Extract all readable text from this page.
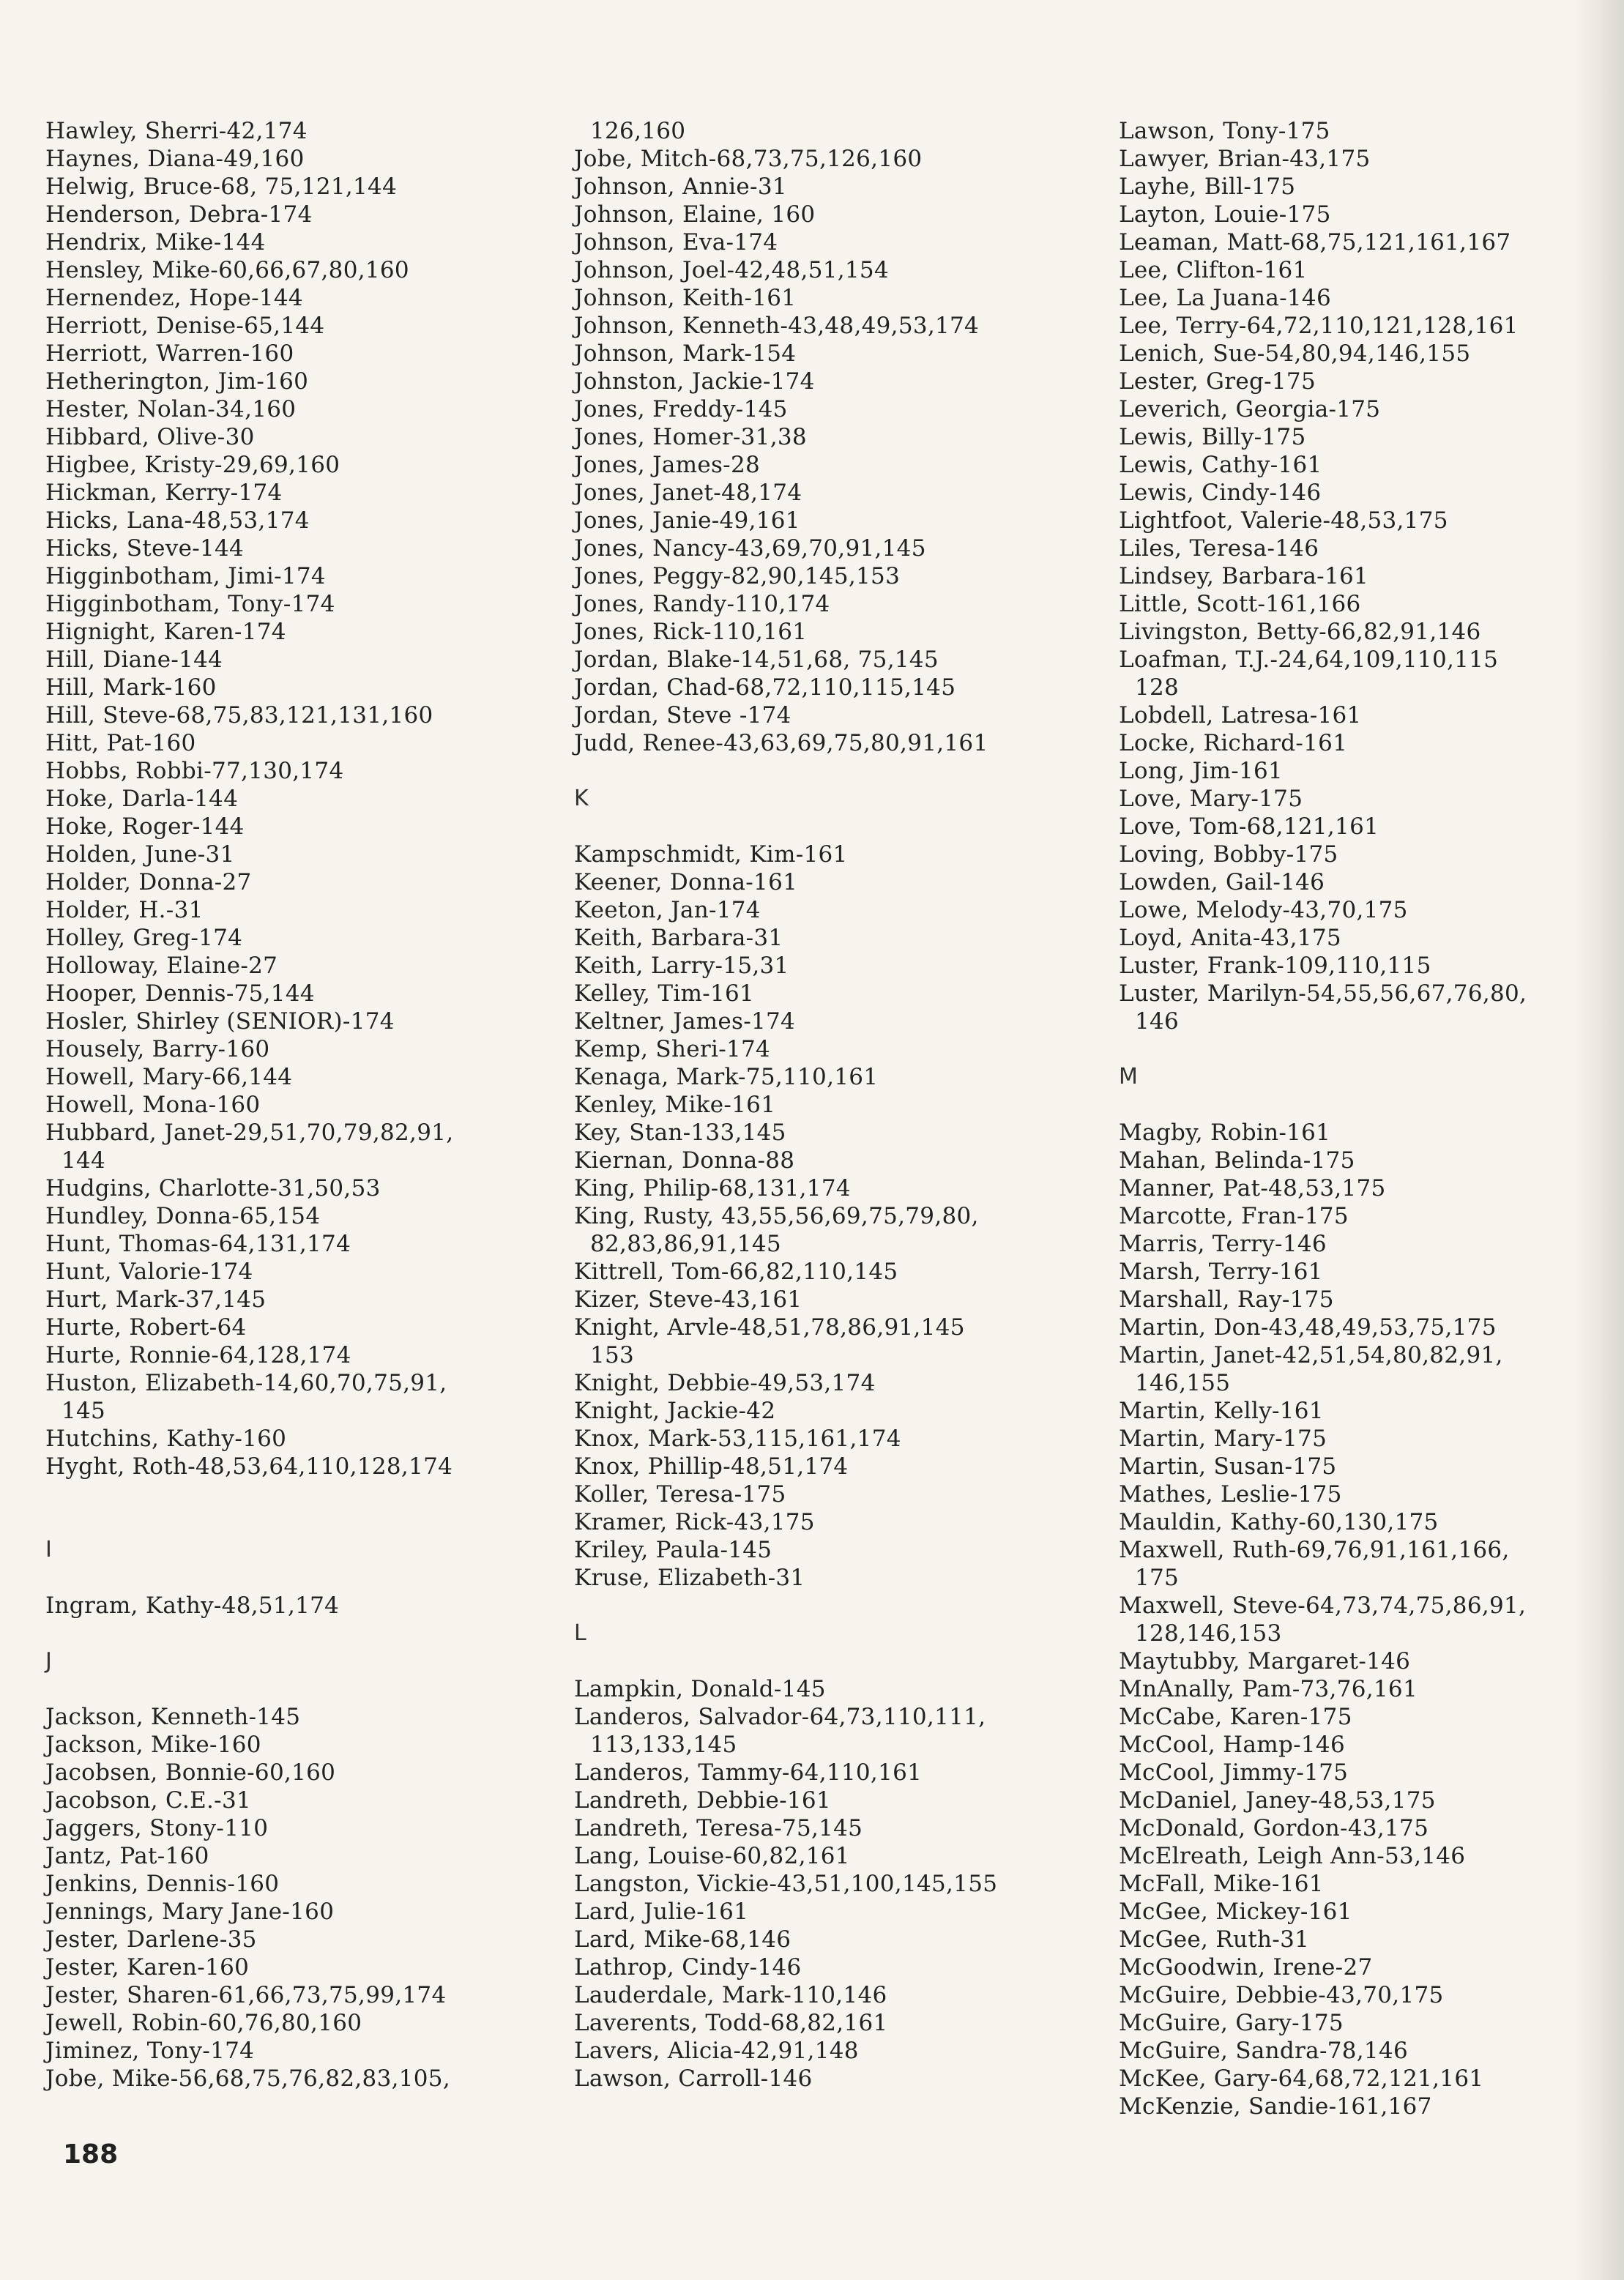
Hawley, Sherri-42,174
Haynes, Diana-49,160
Helwig, Bruce-68, 75,121,144
Henderson, Debra-174
Hendrix, Mike-144
Hensley, Mike-60,66,67,80,160
Hernendez, Hope-144
Herriott, Denise-65,144
Herriott, Warren-160
Hetherington, Jim-160
Hester, Nolan-34,160
Hibbard, Olive-30
Higbee, Kristy-29,69,160
Hickman, Kerry-174
Hicks, Lana-48,53,174
Hicks, Steve-144
Higginbotham, Jimi-174
Higginbotham, Tony-174
Hignight, Karen-174
Hill, Diane-144
Hill, Mark-160
Hill, Steve-68,75,83,121,131,160
Hitt, Pat-160
Hobbs, Robbi-77,130,174
Hoke, Darla-144
Hoke, Roger-144
Holden, June-31
Holder, Donna-27
Holder, H.-31
Holley, Greg-174
Holloway, Elaine-27
Hooper, Dennis-75,144
Hosler, Shirley (SENIOR)-174
Housely, Barry-160
Howell, Mary-66,144
Howell, Mona-160
Hubbard, Janet-29,51,70,79,82,91,
144
Hudgins, Charlotte-31,50,53
Hundley, Donna-65,154
Hunt, Thomas-64,131,174
Hunt, Valorie-174
Hurt, Mark-37,145
Hurte, Robert-64
Hurte, Ronnie-64,128,174
Huston, Elizabeth-14,60,70,75,91,
145
Hutchins, Kathy-160
Hyght, Roth-48,53,64,110,128,174
I
Ingram, Kathy-48,51,174
J
Jackson, Kenneth-145
Jackson, Mike-160
Jacobsen, Bonnie-60,160
Jacobson, C.E.-31
Jaggers, Stony-110
Jantz, Pat-160
Jenkins, Dennis-160
Jennings, Mary Jane-160
Jester, Darlene-35
Jester, Karen-160
Jester, Sharen-61,66,73,75,99,174
Jewell, Robin-60,76,80,160
Jiminez, Tony-174
Jobe, Mike-56,68,75,76,82,83,105,
126,160
Jobe, Mitch-68,73,75,126,160
Johnson, Annie-31
Johnson, Elaine, 160
Johnson, Eva-174
Johnson, Joel-42,48,51,154
Johnson, Keith-161
Johnson, Kenneth-43,48,49,53,174
Johnson, Mark-154
Johnston, Jackie-174
Jones, Freddy-145
Jones, Homer-31,38
Jones, James-28
Jones, Janet-48,174
Jones, Janie-49,161
Jones, Nancy-43,69,70,91,145
Jones, Peggy-82,90,145,153
Jones, Randy-110,174
Jones, Rick-110,161
Jordan, Blake-14,51,68, 75,145
Jordan, Chad-68,72,110,115,145
Jordan, Steve -174
Judd, Renee-43,63,69,75,80,91,161
K
Kampschmidt, Kim-161
Keener, Donna-161
Keeton, Jan-174
Keith, Barbara-31
Keith, Larry-15,31
Kelley, Tim-161
Keltner, James-174
Kemp, Sheri-174
Kenaga, Mark-75,110,161
Kenley, Mike-161
Key, Stan-133,145
Kiernan, Donna-88
King, Philip-68,131,174
King, Rusty, 43,55,56,69,75,79,80,
82,83,86,91,145
Kittrell, Tom-66,82,110,145
Kizer, Steve-43,161
Knight, Arvle-48,51,78,86,91,145
153
Knight, Debbie-49,53,174
Knight, Jackie-42
Knox, Mark-53,115,161,174
Knox, Phillip-48,51,174
Koller, Teresa-175
Kramer, Rick-43,175
Kriley, Paula-145
Kruse, Elizabeth-31
L
Lampkin, Donald-145
Landeros, Salvador-64,73,110,111,
113,133,145
Landeros, Tammy-64,110,161
Landreth, Debbie-161
Landreth, Teresa-75,145
Lang, Louise-60,82,161
Langston, Vickie-43,51,100,145,155
Lard, Julie-161
Lard, Mike-68,146
Lathrop, Cindy-146
Lauderdale, Mark-110,146
Laverents, Todd-68,82,161
Lavers, Alicia-42,91,148
Lawson, Carroll-146
Lawson, Tony-175
Lawyer, Brian-43,175
Layhe, Bill-175
Layton, Louie-175
Leaman, Matt-68,75,121,161,167
Lee, Clifton-161
Lee, La Juana-146
Lee, Terry-64,72,110,121,128,161
Lenich, Sue-54,80,94,146,155
Lester, Greg-175
Leverich, Georgia-175
Lewis, Billy-175
Lewis, Cathy-161
Lewis, Cindy-146
Lightfoot, Valerie-48,53,175
Liles, Teresa-146
Lindsey, Barbara-161
Little, Scott-161,166
Livingston, Betty-66,82,91,146
Loafman, T.J.-24,64,109,110,115
128
Lobdell, Latresa-161
Locke, Richard-161
Long, Jim-161
Love, Mary-175
Love, Tom-68,121,161
Loving, Bobby-175
Lowden, Gail-146
Lowe, Melody-43,70,175
Loyd, Anita-43,175
Luster, Frank-109,110,115
Luster, Marilyn-54,55,56,67,76,80,
146
M
Magby, Robin-161
Mahan, Belinda-175
Manner, Pat-48,53,175
Marcotte, Fran-175
Marris, Terry-146
Marsh, Terry-161
Marshall, Ray-175
Martin, Don-43,48,49,53,75,175
Martin, Janet-42,51,54,80,82,91,
146,155
Martin, Kelly-161
Martin, Mary-175
Martin, Susan-175
Mathes, Leslie-175
Mauldin, Kathy-60,130,175
Maxwell, Ruth-69,76,91,161,166,
175
Maxwell, Steve-64,73,74,75,86,91,
128,146,153
Maytubby, Margaret-146
MnAnally, Pam-73,76,161
McCabe, Karen-175
McCool, Hamp-146
McCool, Jimmy-175
McDaniel, Janey-48,53,175
McDonald, Gordon-43,175
McElreath, Leigh Ann-53,146
McFall, Mike-161
McGee, Mickey-161
McGee, Ruth-31
McGoodwin, Irene-27
McGuire, Debbie-43,70,175
McGuire, Gary-175
McGuire, Sandra-78,146
McKee, Gary-64,68,72,121,161
McKenzie, Sandie-161,167
188
